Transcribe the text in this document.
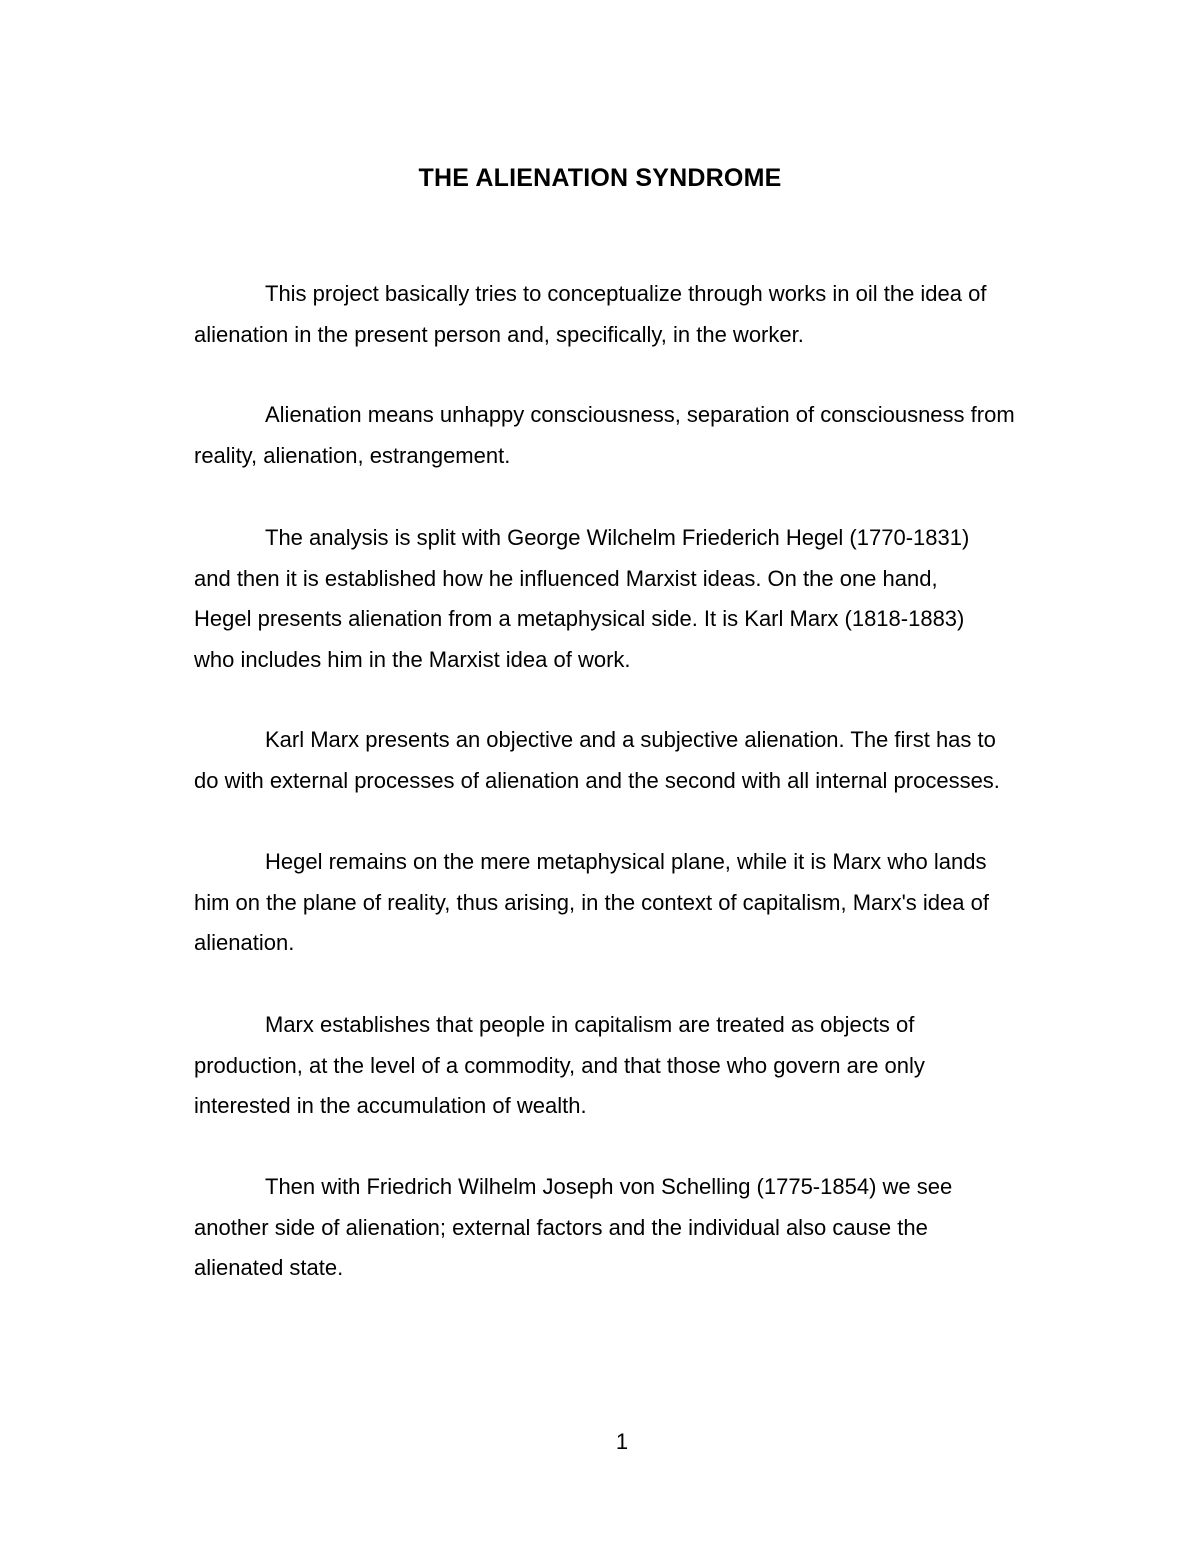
THE ALIENATION SYNDROME

This project basically tries to conceptualize through works in oil the idea of
alienation in the present person and, specifically, in the worker.

Alienation means unhappy consciousness, separation of consciousness from
reality, alienation, estrangement.

The analysis is split with George Wilchelm Friederich Hegel (1770-1831)
and then it is established how he influenced Marxist ideas. On the one hand,
Hegel presents alienation from a metaphysical side. It is Karl Marx (1818-1883)
who includes him in the Marxist idea of work.

Karl Marx presents an objective and a subjective alienation. The first has to
do with external processes of alienation and the second with all internal processes.

Hegel remains on the mere metaphysical plane, while it is Marx who lands
him on the plane of reality, thus arising, in the context of capitalism, Marx's idea of
alienation.

Marx establishes that people in capitalism are treated as objects of
production, at the level of a commodity, and that those who govern are only
interested in the accumulation of wealth.

Then with Friedrich Wilhelm Joseph von Schelling (1775-1854) we see
another side of alienation; external factors and the individual also cause the
alienated state.

1
